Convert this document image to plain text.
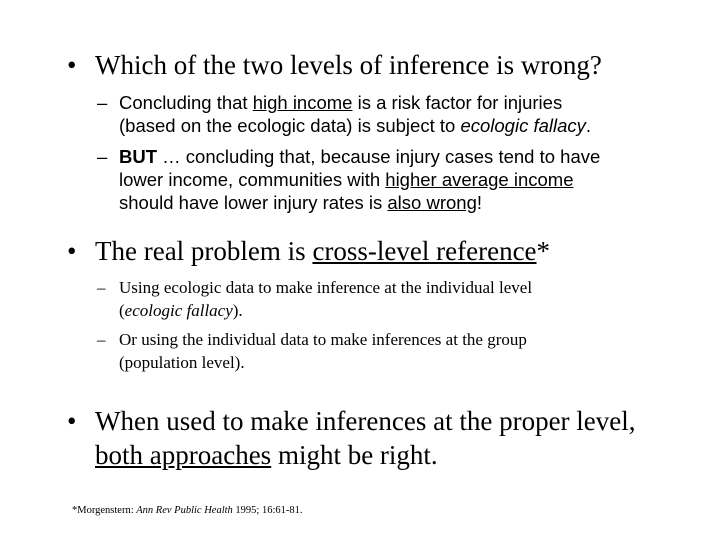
• Which of the two levels of inference is wrong?
– Concluding that high income is a risk factor for injuries
(based on the ecologic data) is subject to ecologic fallacy.
– BUT … concluding that, because injury cases tend to have
lower income, communities with higher average income
should have lower injury rates is also wrong!
• The real problem is cross-level reference*
– Using ecologic data to make inference at the individual level
(ecologic fallacy).
– Or using the individual data to make inferences at the group
(population level).
• When used to make inferences at the proper level,
both approaches might be right.
*Morgenstern: Ann Rev Public Health 1995; 16:61-81.
